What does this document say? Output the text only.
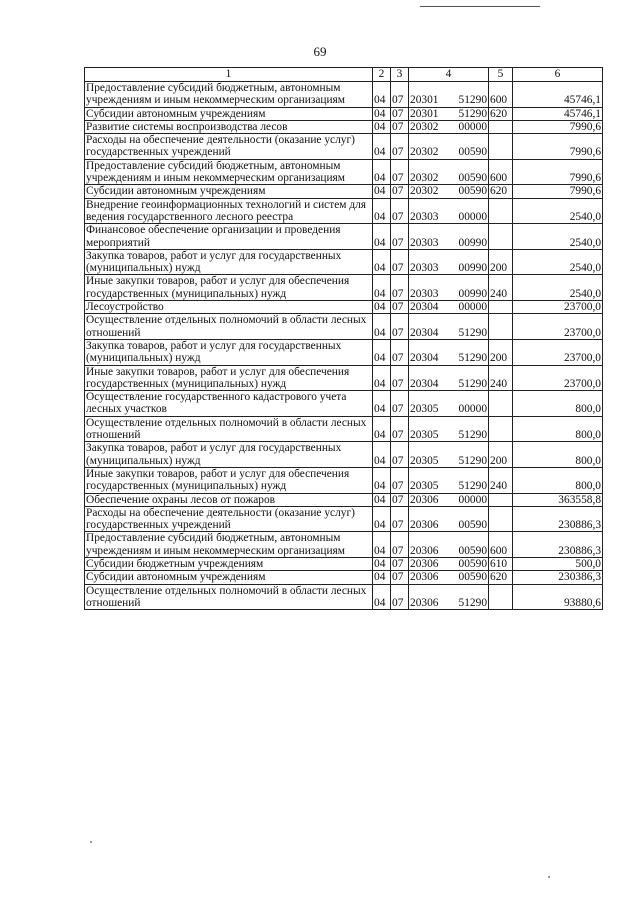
69
1	2	3	4		5	6
Предоставление субсидий бюджетным, автономным учреждениям и иным некоммерческим организациям	04	07	20301	51290	600	45746,1
Субсидии автономным учреждениям	04	07	20301	51290	620	45746,1
Развитие системы воспроизводства лесов	04	07	20302	00000		7990,6
Расходы на обеспечение деятельности (оказание услуг) государственных учреждений	04	07	20302	00590		7990,6
Предоставление субсидий бюджетным, автономным учреждениям и иным некоммерческим организациям	04	07	20302	00590	600	7990,6
Субсидии автономным учреждениям	04	07	20302	00590	620	7990,6
Внедрение геоинформационных технологий и систем для ведения государственного лесного реестра	04	07	20303	00000		2540,0
Финансовое обеспечение организации и проведения мероприятий	04	07	20303	00990		2540,0
Закупка товаров, работ и услуг для государственных (муниципальных) нужд	04	07	20303	00990	200	2540,0
Иные закупки товаров, работ и услуг для обеспечения государственных (муниципальных) нужд	04	07	20303	00990	240	2540,0
Лесоустройство	04	07	20304	00000		23700,0
Осуществление отдельных полномочий в области лесных отношений	04	07	20304	51290		23700,0
Закупка товаров, работ и услуг для государственных (муниципальных) нужд	04	07	20304	51290	200	23700,0
Иные закупки товаров, работ и услуг для обеспечения государственных (муниципальных) нужд	04	07	20304	51290	240	23700,0
Осуществление государственного кадастрового учета лесных участков	04	07	20305	00000		800,0
Осуществление отдельных полномочий в области лесных отношений	04	07	20305	51290		800,0
Закупка товаров, работ и услуг для государственных (муниципальных) нужд	04	07	20305	51290	200	800,0
Иные закупки товаров, работ и услуг для обеспечения государственных (муниципальных) нужд	04	07	20305	51290	240	800,0
Обеспечение охраны лесов от пожаров	04	07	20306	00000		363558,8
Расходы на обеспечение деятельности (оказание услуг) государственных учреждений	04	07	20306	00590		230886,3
Предоставление субсидий бюджетным, автономным учреждениям и иным некоммерческим организациям	04	07	20306	00590	600	230886,3
Субсидии бюджетным учреждениям	04	07	20306	00590	610	500,0
Субсидии автономным учреждениям	04	07	20306	00590	620	230386,3
Осуществление отдельных полномочий в области лесных отношений	04	07	20306	51290		93880,6
